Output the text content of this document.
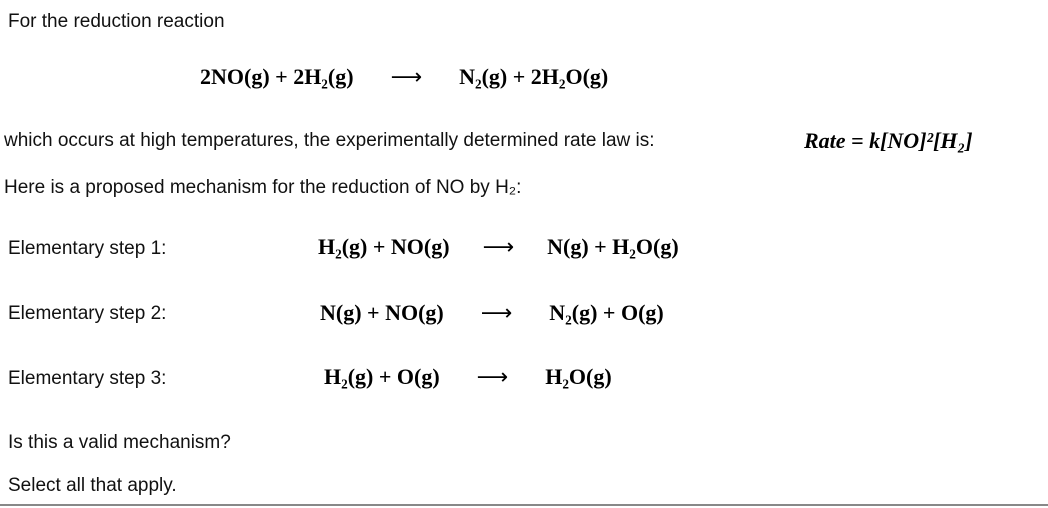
For the reduction reaction
2NO(g) + 2H₂(g) ⟶ N₂(g) + 2H₂O(g)
which occurs at high temperatures, the experimentally determined rate law is:	Rate = k[NO]²[H₂]
Here is a proposed mechanism for the reduction of NO by H₂:
Elementary step 1:	H₂(g) + NO(g) ⟶ N(g) + H₂O(g)
Elementary step 2:	N(g) + NO(g) ⟶ N₂(g) + O(g)
Elementary step 3:	H₂(g) + O(g) ⟶ H₂O(g)
Is this a valid mechanism?
Select all that apply.
